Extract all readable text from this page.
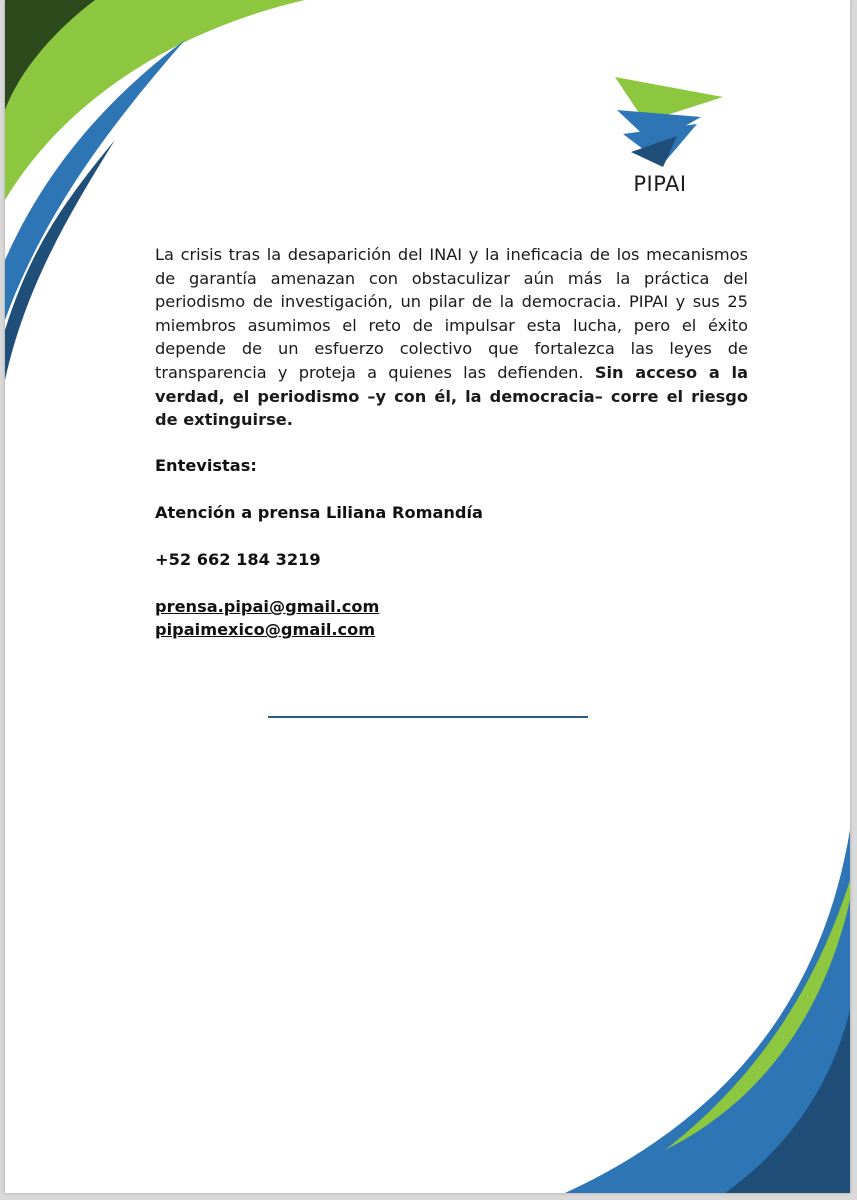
PIPAI

La crisis tras la desaparición del INAI y la ineficacia de los mecanismos de garantía amenazan con obstaculizar aún más la práctica del periodismo de investigación, un pilar de la democracia. PIPAI y sus 25 miembros asumimos el reto de impulsar esta lucha, pero el éxito depende de un esfuerzo colectivo que fortalezca las leyes de transparencia y proteja a quienes las defienden. Sin acceso a la verdad, el periodismo –y con él, la democracia– corre el riesgo de extinguirse.

Entevistas:

Atención a prensa Liliana Romandía

+52 662 184 3219

prensa.pipai@gmail.com

pipaimexico@gmail.com
